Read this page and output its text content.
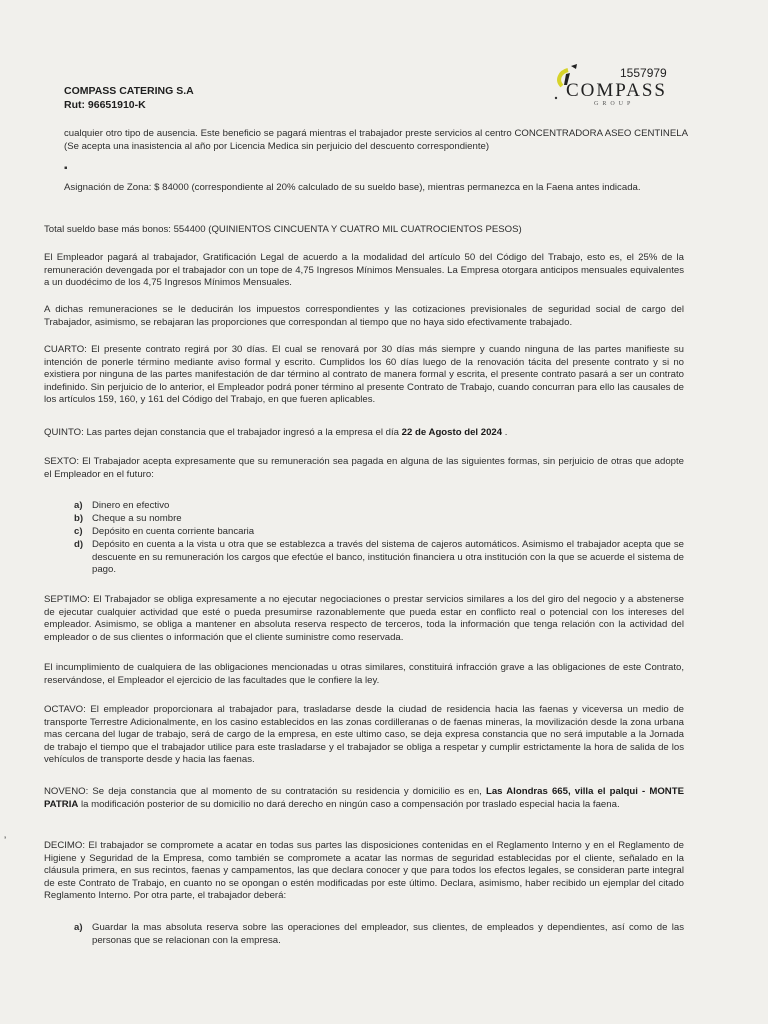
COMPASS CATERING S.A
Rut: 96651910-K
1557979
COMPASS
GROUP
cualquier otro tipo de ausencia. Este beneficio se pagará mientras el trabajador preste servicios al centro CONCENTRADORA ASEO CENTINELA (Se acepta una inasistencia al año por Licencia Medica sin perjuicio del descuento correspondiente)
▪
Asignación de Zona: $ 84000 (correspondiente al 20% calculado de su sueldo base), mientras permanezca en la Faena antes indicada.
Total sueldo base más bonos: 554400 (QUINIENTOS CINCUENTA Y CUATRO MIL CUATROCIENTOS PESOS)
El Empleador pagará al trabajador, Gratificación Legal de acuerdo a la modalidad del artículo 50 del Código del Trabajo, esto es, el 25% de la remuneración devengada por el trabajador con un tope de 4,75 Ingresos Mínimos Mensuales. La Empresa otorgara anticipos mensuales equivalentes a un duodécimo de los 4,75 Ingresos Mínimos Mensuales.
A dichas remuneraciones se le deducirán los impuestos correspondientes y las cotizaciones previsionales de seguridad social de cargo del Trabajador, asimismo, se rebajaran las proporciones que correspondan al tiempo que no haya sido efectivamente trabajado.
CUARTO: El presente contrato regirá por 30 días. El cual se renovará por 30 días más siempre y cuando ninguna de las partes manifieste su intención de ponerle término mediante aviso formal y escrito. Cumplidos los 60 días luego de la renovación tácita del presente contrato y si no existiera por ninguna de las partes manifestación de dar término al contrato de manera formal y escrita, el presente contrato pasará a ser un contrato indefinido. Sin perjuicio de lo anterior, el Empleador podrá poner término al presente Contrato de Trabajo, cuando concurran para ello las causales de los artículos 159, 160, y 161 del Código del Trabajo, en que fueren aplicables.
QUINTO: Las partes dejan constancia que el trabajador ingresó a la empresa el día 22 de Agosto del 2024 .
SEXTO: El Trabajador acepta expresamente que su remuneración sea pagada en alguna de las siguientes formas, sin perjuicio de otras que adopte el Empleador en el futuro:
a) Dinero en efectivo
b) Cheque a su nombre
c) Depósito en cuenta corriente bancaria
d) Depósito en cuenta a la vista u otra que se establezca a través del sistema de cajeros automáticos. Asimismo el trabajador acepta que se descuente en su remuneración los cargos que efectúe el banco, institución financiera u otra institución con la que se acuerde el sistema de pago.
SEPTIMO: El Trabajador se obliga expresamente a no ejecutar negociaciones o prestar servicios similares a los del giro del negocio y a abstenerse de ejecutar cualquier actividad que esté o pueda presumirse razonablemente que pueda estar en conflicto real o potencial con los intereses del empleador. Asimismo, se obliga a mantener en absoluta reserva respecto de terceros, toda la información que tenga relación con la actividad del empleador o de sus clientes o información que el cliente suministre como reservada.
El incumplimiento de cualquiera de las obligaciones mencionadas u otras similares, constituirá infracción grave a las obligaciones de este Contrato, reservándose, el Empleador el ejercicio de las facultades que le confiere la ley.
OCTAVO: El empleador proporcionara al trabajador para, trasladarse desde la ciudad de residencia hacia las faenas y viceversa un medio de transporte Terrestre Adicionalmente, en los casino establecidos en las zonas cordilleranas o de faenas mineras, la movilización desde la zona urbana mas cercana del lugar de trabajo, será de cargo de la empresa, en este ultimo caso, se deja expresa constancia que no será imputable a la Jornada de trabajo el tiempo que el trabajador utilice para este trasladarse y el trabajador se obliga a respetar y cumplir estrictamente la hora de salida de los vehículos de transporte desde y hacia las faenas.
NOVENO: Se deja constancia que al momento de su contratación su residencia y domicilio es en, Las Alondras 665, villa el palqui - MONTE PATRIA la modificación posterior de su domicilio no dará derecho en ningún caso a compensación por traslado especial hacia la faena.
ʼ	DECIMO: El trabajador se compromete a acatar en todas sus partes las disposiciones contenidas en el Reglamento Interno y en el Reglamento de Higiene y Seguridad de la Empresa, como también se compromete a acatar las normas de seguridad establecidas por el cliente, señalado en la cláusula primera, en sus recintos, faenas y campamentos, las que declara conocer y que para todos los efectos legales, se consideran parte integral de este Contrato de Trabajo, en cuanto no se opongan o estén modificadas por este último. Declara, asimismo, haber recibido un ejemplar del citado Reglamento Interno. Por otra parte, el trabajador deberá:
a) Guardar la mas absoluta reserva sobre las operaciones del empleador, sus clientes, de empleados y dependientes, así como de las personas que se relacionan con la empresa.
